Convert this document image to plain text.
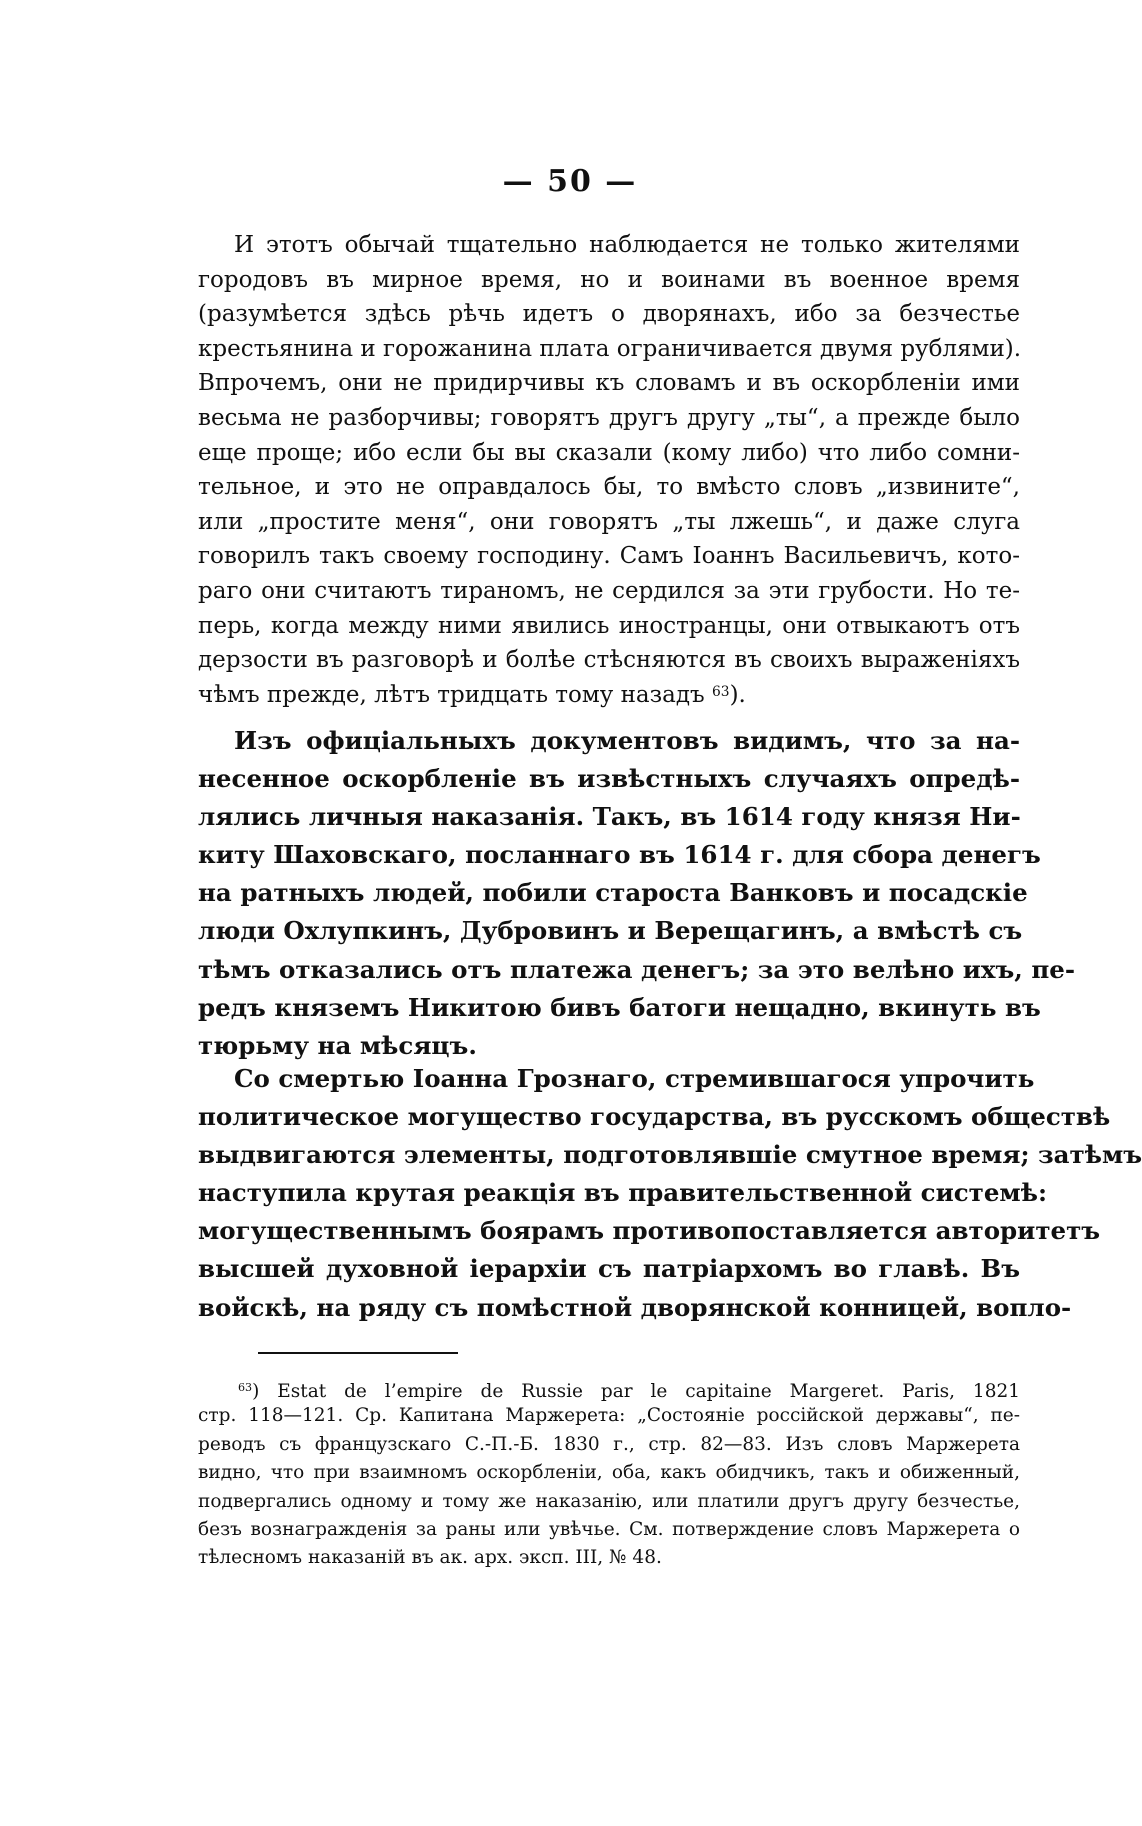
— 50 —
И этотъ обычай тщательно наблюдается не только жителями
городовъ въ мирное время, но и воинами въ военное время
(разумѣется здѣсь рѣчь идетъ о дворянахъ, ибо за безчестье
крестьянина и горожанина плата ограничивается двумя рублями).
Впрочемъ, они не придирчивы къ словамъ и въ оскорбленіи ими
весьма не разборчивы; говорятъ другъ другу „ты“, а прежде было
еще проще; ибо если бы вы сказали (кому либо) что либо сомни-
тельное, и это не оправдалось бы, то вмѣсто словъ „извините“,
или „простите меня“, они говорятъ „ты лжешь“, и даже слуга
говорилъ такъ своему господину. Самъ Іоаннъ Васильевичъ, кото-
раго они считаютъ тираномъ, не сердился за эти грубости. Но те-
перь, когда между ними явились иностранцы, они отвыкаютъ отъ
дерзости въ разговорѣ и болѣе стѣсняются въ своихъ выраженіяхъ
чѣмъ прежде, лѣтъ тридцать тому назадъ $^{63}$).
Изъ офиціальныхъ документовъ видимъ, что за на-
несенное оскорбленіе въ извѣстныхъ случаяхъ опредѣ-
лялись личныя наказанія. Такъ, въ 1614 году князя Ни-
киту Шаховскаго, посланнаго въ 1614 г. для сбора денегъ
на ратныхъ людей, побили староста Ванковъ и посадскіе
люди Охлупкинъ, Дубровинъ и Верещагинъ, а вмѣстѣ съ
тѣмъ отказались отъ платежа денегъ; за это велѣно ихъ, пе-
редъ княземъ Никитою бивъ батоги нещадно, вкинуть въ
тюрьму на мѣсяцъ.
Со смертью Іоанна Грознаго, стремившагося упрочить
политическое могущество государства, въ русскомъ обществѣ
выдвигаются элементы, подготовлявшіе смутное время; затѣмъ
наступила крутая реакція въ правительственной системѣ:
могущественнымъ боярамъ противопоставляется авторитетъ
высшей духовной іерархіи съ патріархомъ во главѣ. Въ
войскѣ, на ряду съ помѣстной дворянской конницей, вопло-
$^{63}$) Estat de l’empire de Russie par le capitaine Margeret. Paris, 1821
стр. 118—121. Ср. Капитана Маржерета: „Состояніе россійской державы“, пе-
реводъ съ французскаго С.-П.-Б. 1830 г., стр. 82—83. Изъ словъ Маржерета
видно, что при взаимномъ оскорбленіи, оба, какъ обидчикъ, такъ и обиженный,
подвергались одному и тому же наказанію, или платили другъ другу безчестье,
безъ вознагражденія за раны или увѣчье. См. потверждение словъ Маржерета о
тѣлесномъ наказаній въ ак. арх. эксп. III, № 48.
